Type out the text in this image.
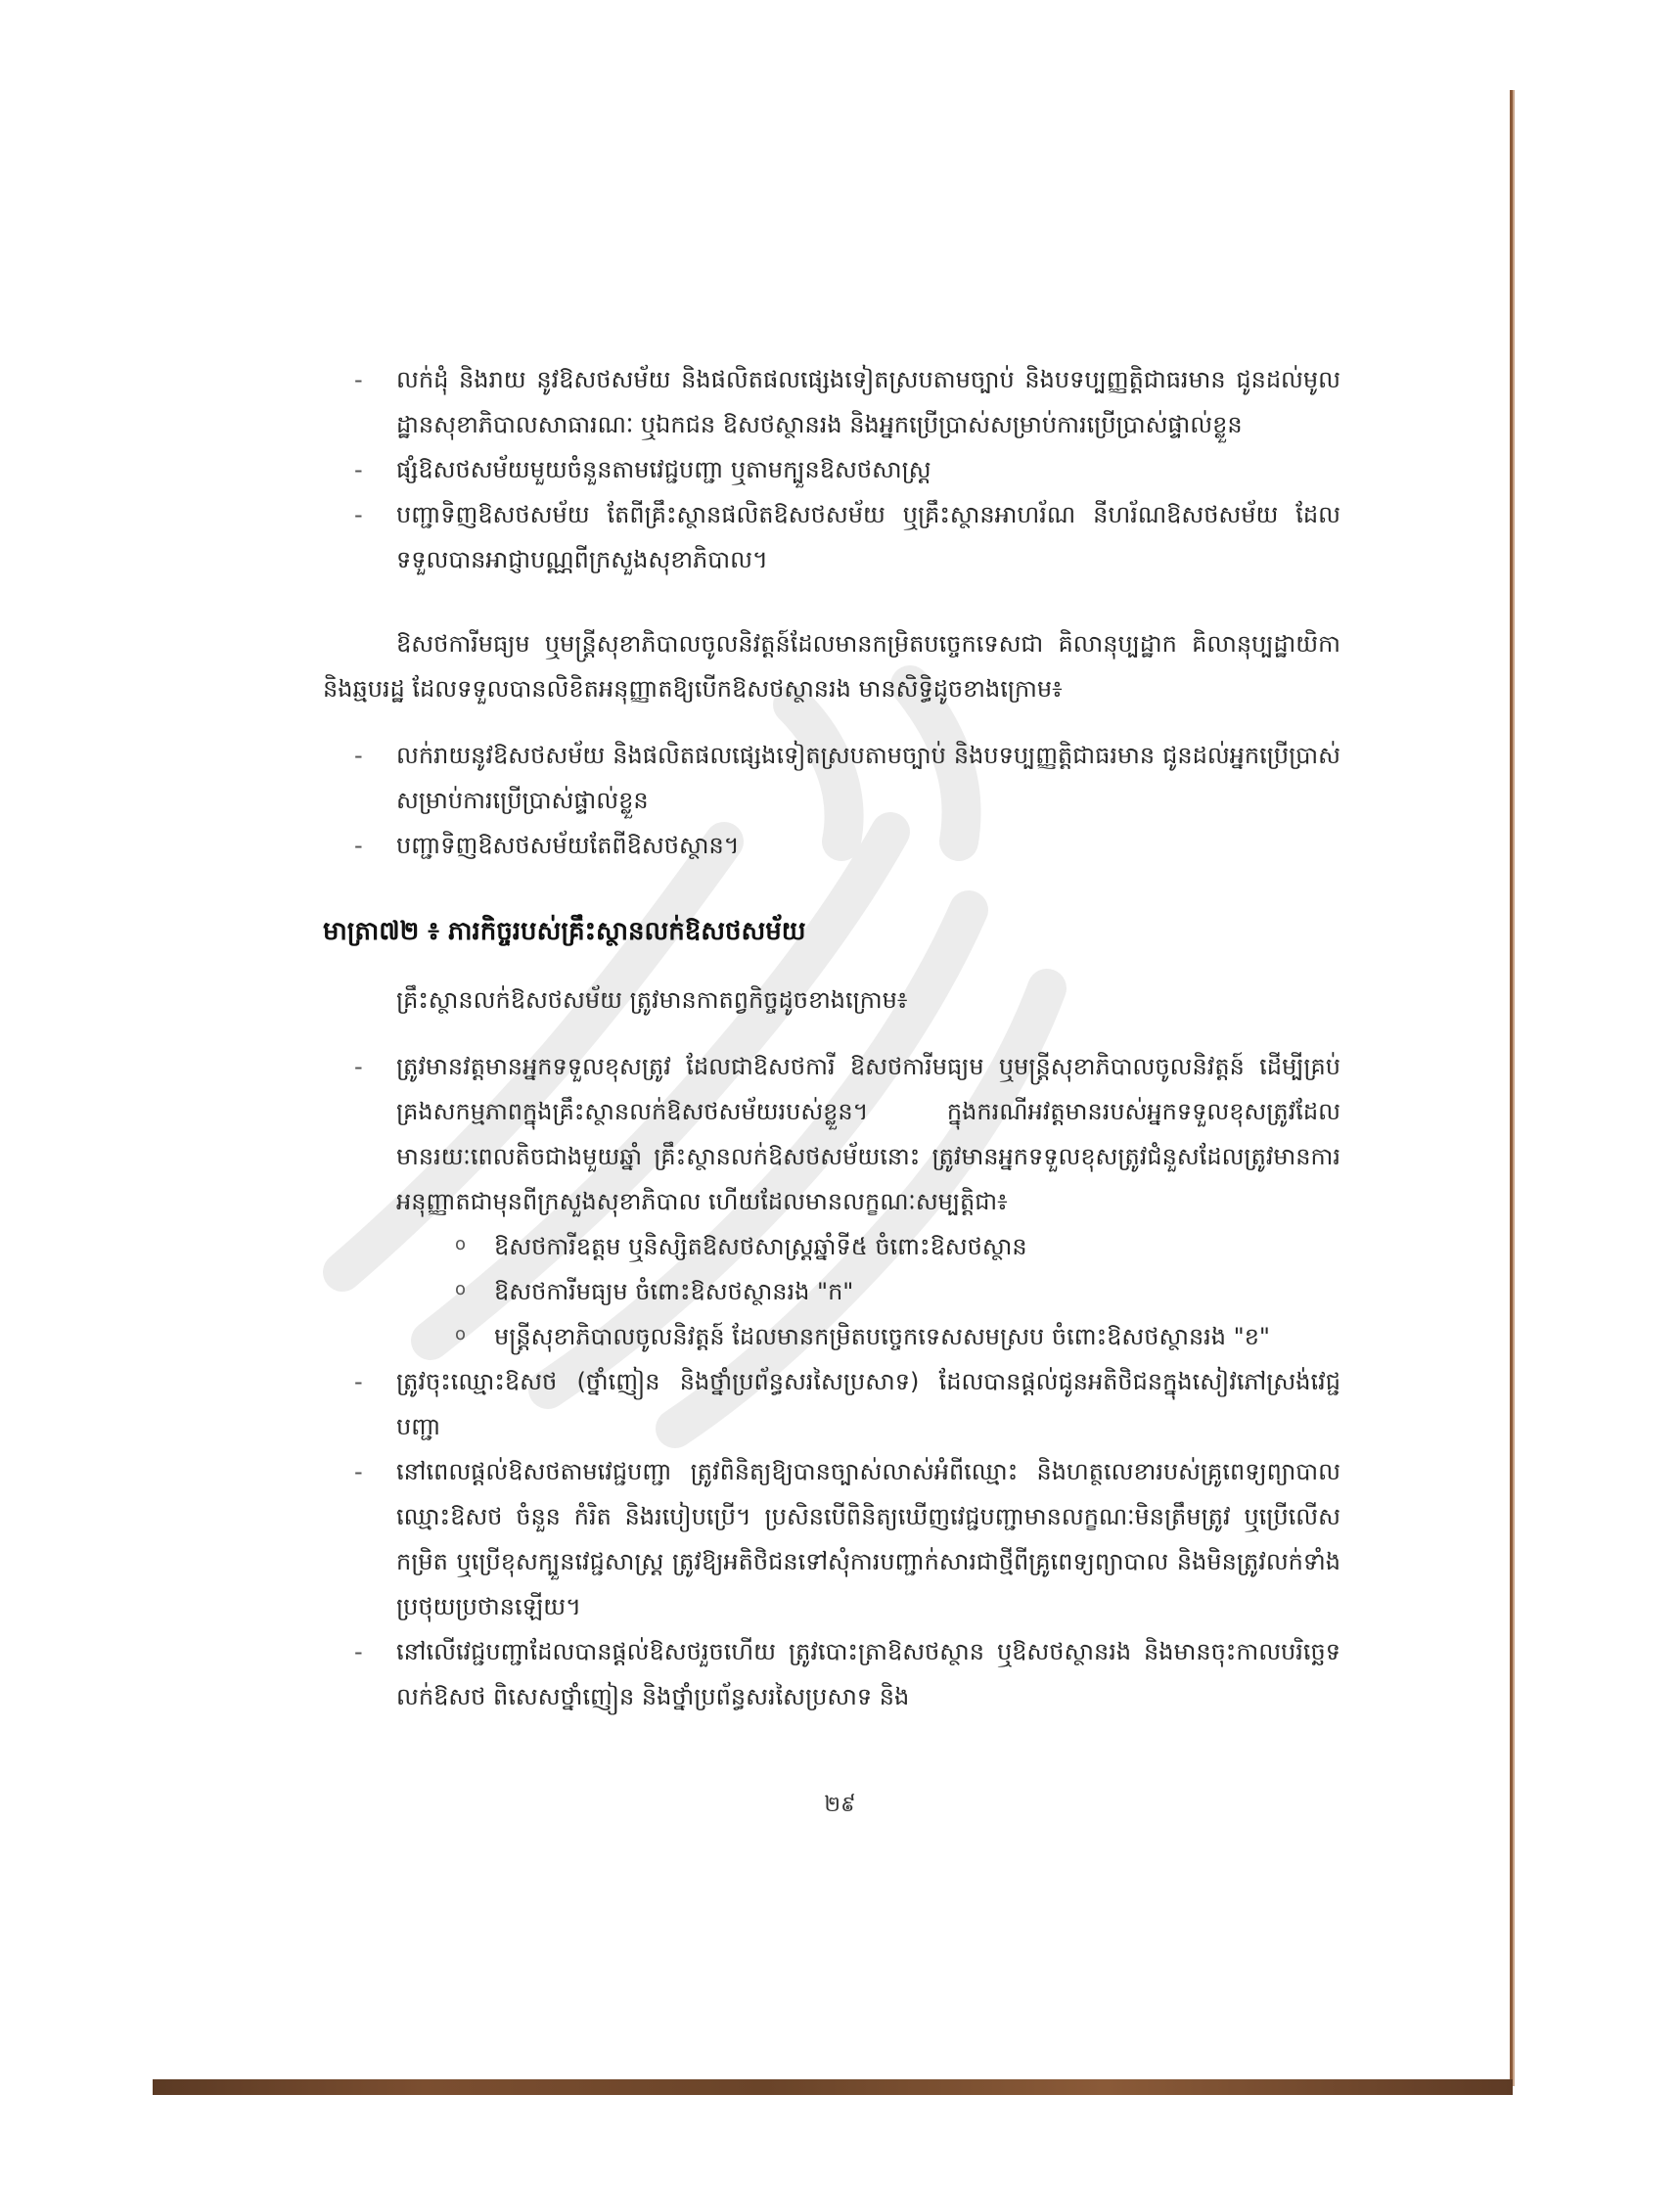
- លក់ដុំ និងរាយ នូវឱសថសម័យ និងផលិតផលផ្សេងទៀតស្របតាមច្បាប់ និងបទប្បញ្ញត្តិជាធរមាន ជូនដល់មូលដ្ឋានសុខាភិបាលសាធារណៈ ឬឯកជន ឱសថស្ថានរង និងអ្នកប្រើប្រាស់សម្រាប់ការប្រើប្រាស់ផ្ទាល់ខ្លួន
- ផ្សំឱសថសម័យមួយចំនួនតាមវេជ្ជបញ្ជា ឬតាមក្បួនឱសថសាស្ត្រ
- បញ្ជាទិញឱសថសម័យ តែពីគ្រឹះស្ថានផលិតឱសថសម័យ ឬគ្រឹះស្ថានអាហរ័ណ នីហរ័ណឱសថសម័យ ដែលទទួលបានអាជ្ញាបណ្ណពីក្រសួងសុខាភិបាល។

ឱសថការីមធ្យម ឬមន្ត្រីសុខាភិបាលចូលនិវត្តន៍ដែលមានកម្រិតបច្ចេកទេសជា គិលានុប្បដ្ឋាក គិលានុប្បដ្ឋាយិកា និងឆ្មបរដ្ឋ ដែលទទួលបានលិខិតអនុញ្ញាតឱ្យបើកឱសថស្ថានរង មានសិទ្ធិដូចខាងក្រោម៖

- លក់រាយនូវឱសថសម័យ និងផលិតផលផ្សេងទៀតស្របតាមច្បាប់ និងបទប្បញ្ញត្តិជាធរមាន ជូនដល់អ្នកប្រើប្រាស់សម្រាប់ការប្រើប្រាស់ផ្ទាល់ខ្លួន
- បញ្ជាទិញឱសថសម័យតែពីឱសថស្ថាន។
មាត្រា៧២ ៖ ភារកិច្ចរបស់គ្រឹះស្ថានលក់ឱសថសម័យ

គ្រឹះស្ថានលក់ឱសថសម័យ ត្រូវមានកាតព្វកិច្ចដូចខាងក្រោម៖

- ត្រូវមានវត្តមានអ្នកទទួលខុសត្រូវ ដែលជាឱសថការី ឱសថការីមធ្យម ឬមន្ត្រីសុខាភិបាលចូលនិវត្តន៍ ដើម្បីគ្រប់គ្រងសកម្មភាពក្នុងគ្រឹះស្ថានលក់ឱសថសម័យរបស់ខ្លួន។ ក្នុងករណីអវត្តមានរបស់អ្នកទទួលខុសត្រូវដែលមានរយៈពេលតិចជាងមួយឆ្នាំ គ្រឹះស្ថានលក់ឱសថសម័យនោះ ត្រូវមានអ្នកទទួលខុសត្រូវជំនួសដែលត្រូវមានការអនុញ្ញាតជាមុនពីក្រសួងសុខាភិបាល ហើយដែលមានលក្ខណៈសម្បត្តិជា៖
o ឱសថការីឧត្តម ឬនិស្សិតឱសថសាស្ត្រឆ្នាំទី៥ ចំពោះឱសថស្ថាន
o ឱសថការីមធ្យម ចំពោះឱសថស្ថានរង "ក"
o មន្ត្រីសុខាភិបាលចូលនិវត្តន៍ ដែលមានកម្រិតបច្ចេកទេសសមស្រប ចំពោះឱសថស្ថានរង "ខ"
- ត្រូវចុះឈ្មោះឱសថ (ថ្នាំញៀន និងថ្នាំប្រព័ន្ធសរសៃប្រសាទ) ដែលបានផ្តល់ជូនអតិថិជនក្នុងសៀវភៅស្រង់វេជ្ជបញ្ជា
- នៅពេលផ្តល់ឱសថតាមវេជ្ជបញ្ជា ត្រូវពិនិត្យឱ្យបានច្បាស់លាស់អំពីឈ្មោះ និងហត្ថលេខារបស់គ្រូពេទ្យព្យាបាល ឈ្មោះឱសថ ចំនួន កំរិត និងរបៀបប្រើ។ ប្រសិនបើពិនិត្យឃើញវេជ្ជបញ្ជាមានលក្ខណៈមិនត្រឹមត្រូវ ឬប្រើលើសកម្រិត ឬប្រើខុសក្បួនវេជ្ជសាស្ត្រ ត្រូវឱ្យអតិថិជនទៅសុំការបញ្ជាក់សារជាថ្មីពីគ្រូពេទ្យព្យាបាល និងមិនត្រូវលក់ទាំងប្រថុយប្រថានឡើយ។
- នៅលើវេជ្ជបញ្ជាដែលបានផ្តល់ឱសថរួចហើយ ត្រូវបោះត្រាឱសថស្ថាន ឬឱសថស្ថានរង និងមានចុះកាលបរិច្ឆេទលក់ឱសថ ពិសេសថ្នាំញៀន និងថ្នាំប្រព័ន្ធសរសៃប្រសាទ និង
២៩
